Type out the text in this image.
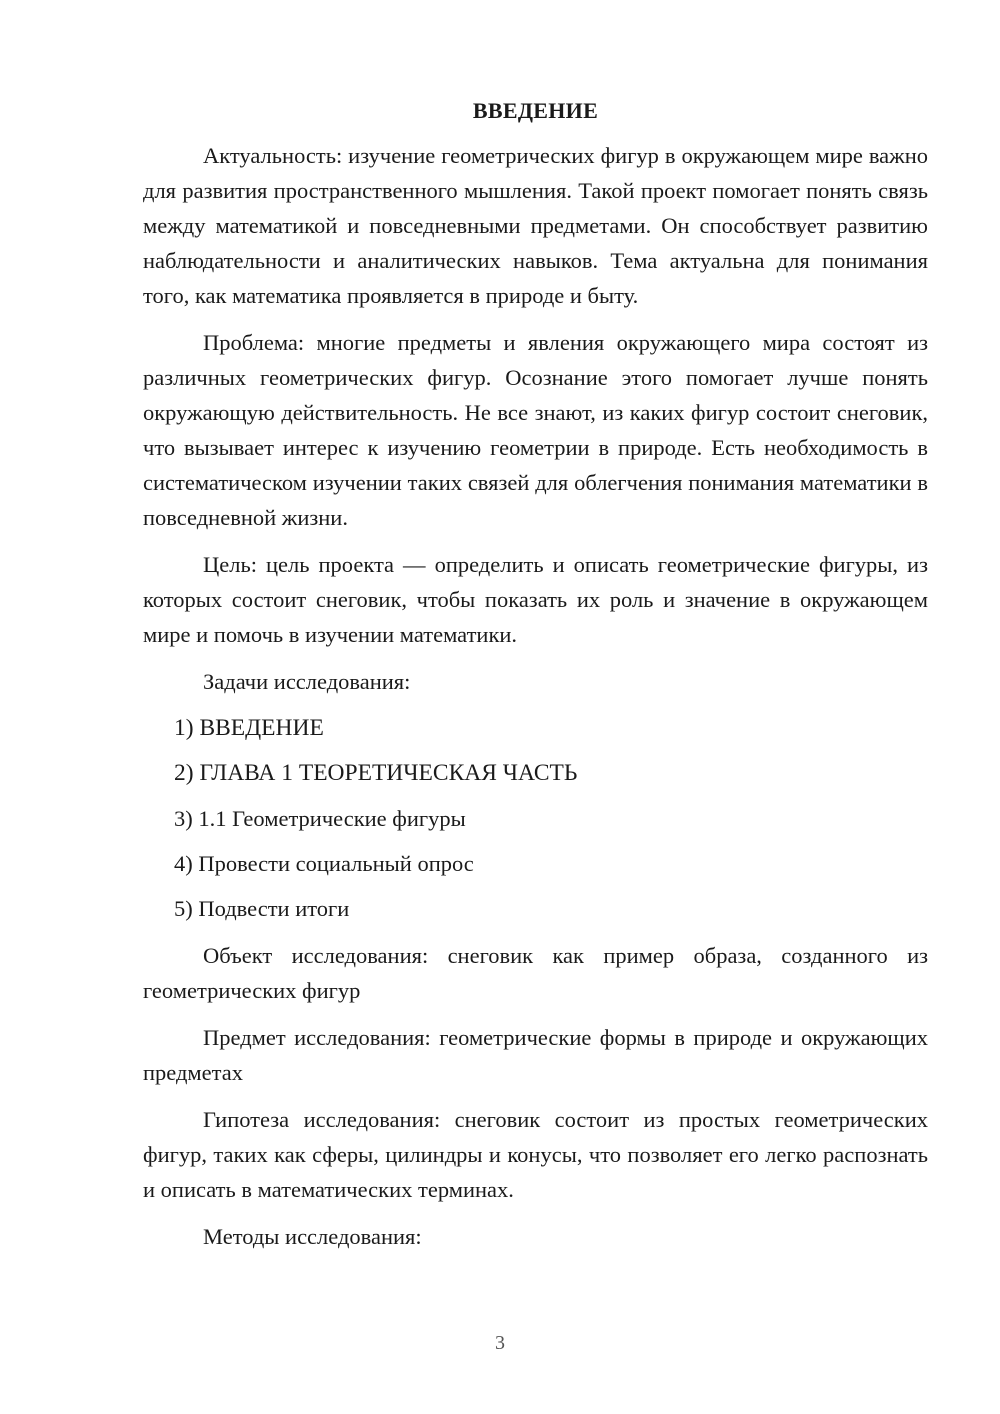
ВВЕДЕНИЕ

Актуальность: изучение геометрических фигур в окружающем мире важно для развития пространственного мышления. Такой проект помогает понять связь между математикой и повседневными предметами. Он способствует развитию наблюдательности и аналитических навыков. Тема актуальна для понимания того, как математика проявляется в природе и быту.

Проблема: многие предметы и явления окружающего мира состоят из различных геометрических фигур. Осознание этого помогает лучше понять окружающую действительность. Не все знают, из каких фигур состоит снеговик, что вызывает интерес к изучению геометрии в природе. Есть необходимость в систематическом изучении таких связей для облегчения понимания математики в повседневной жизни.

Цель: цель проекта — определить и описать геометрические фигуры, из которых состоит снеговик, чтобы показать их роль и значение в окружающем мире и помочь в изучении математики.

Задачи исследования:

1) ВВЕДЕНИЕ
2) ГЛАВА 1 ТЕОРЕТИЧЕСКАЯ ЧАСТЬ
3) 1.1 Геометрические фигуры
4) Провести социальный опрос
5) Подвести итоги

Объект исследования: снеговик как пример образа, созданного из геометрических фигур

Предмет исследования: геометрические формы в природе и окружающих предметах

Гипотеза исследования: снеговик состоит из простых геометрических фигур, таких как сферы, цилиндры и конусы, что позволяет его легко распознать и описать в математических терминах.

Методы исследования:

3
